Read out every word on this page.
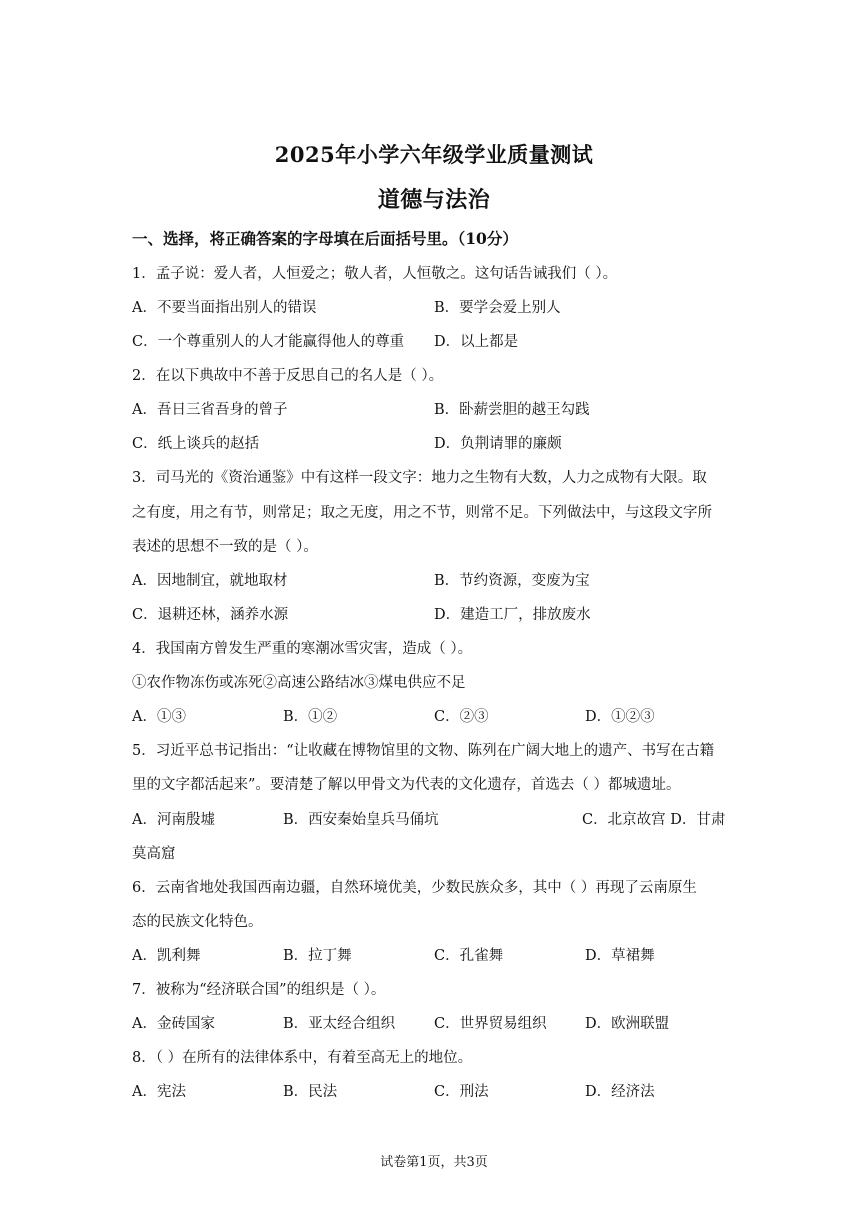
2025年小学六年级学业质量测试
道德与法治
一、选择，将正确答案的字母填在后面括号里。（10分）
1．孟子说：爱人者，人恒爱之；敬人者，人恒敬之。这句话告诫我们（ ）。
A．不要当面指出别人的错误	B．要学会爱上别人
C．一个尊重别人的人才能赢得他人的尊重 D．以上都是
2．在以下典故中不善于反思自己的名人是（ ）。
A．吾日三省吾身的曾子	B．卧薪尝胆的越王勾践
C．纸上谈兵的赵括	D．负荆请罪的廉颇
3．司马光的《资治通鉴》中有这样一段文字：地力之生物有大数，人力之成物有大限。取
之有度，用之有节，则常足；取之无度，用之不节，则常不足。下列做法中，与这段文字所
表述的思想不一致的是（ ）。
A．因地制宜，就地取材	B．节约资源，变废为宝
C．退耕还林，涵养水源	D．建造工厂，排放废水
4．我国南方曾发生严重的寒潮冰雪灾害，造成（ ）。
①农作物冻伤或冻死②高速公路结冰③煤电供应不足
A．①③	B．①②	C．②③	D．①②③
5．习近平总书记指出：“让收藏在博物馆里的文物、陈列在广阔大地上的遗产、书写在古籍
里的文字都活起来”。要清楚了解以甲骨文为代表的文化遗存，首选去（ ）都城遗址。
A．河南殷墟	B．西安秦始皇兵马俑坑	C．北京故宫 D．甘肃
莫高窟
6．云南省地处我国西南边疆，自然环境优美，少数民族众多，其中（ ）再现了云南原生
态的民族文化特色。
A．凯利舞	B．拉丁舞	C．孔雀舞	D．草裙舞
7．被称为“经济联合国”的组织是（ ）。
A．金砖国家	B．亚太经合组织	C．世界贸易组织	D．欧洲联盟
8．（ ）在所有的法律体系中，有着至高无上的地位。
A．宪法	B．民法	C．刑法	D．经济法
试卷第1页，共3页
